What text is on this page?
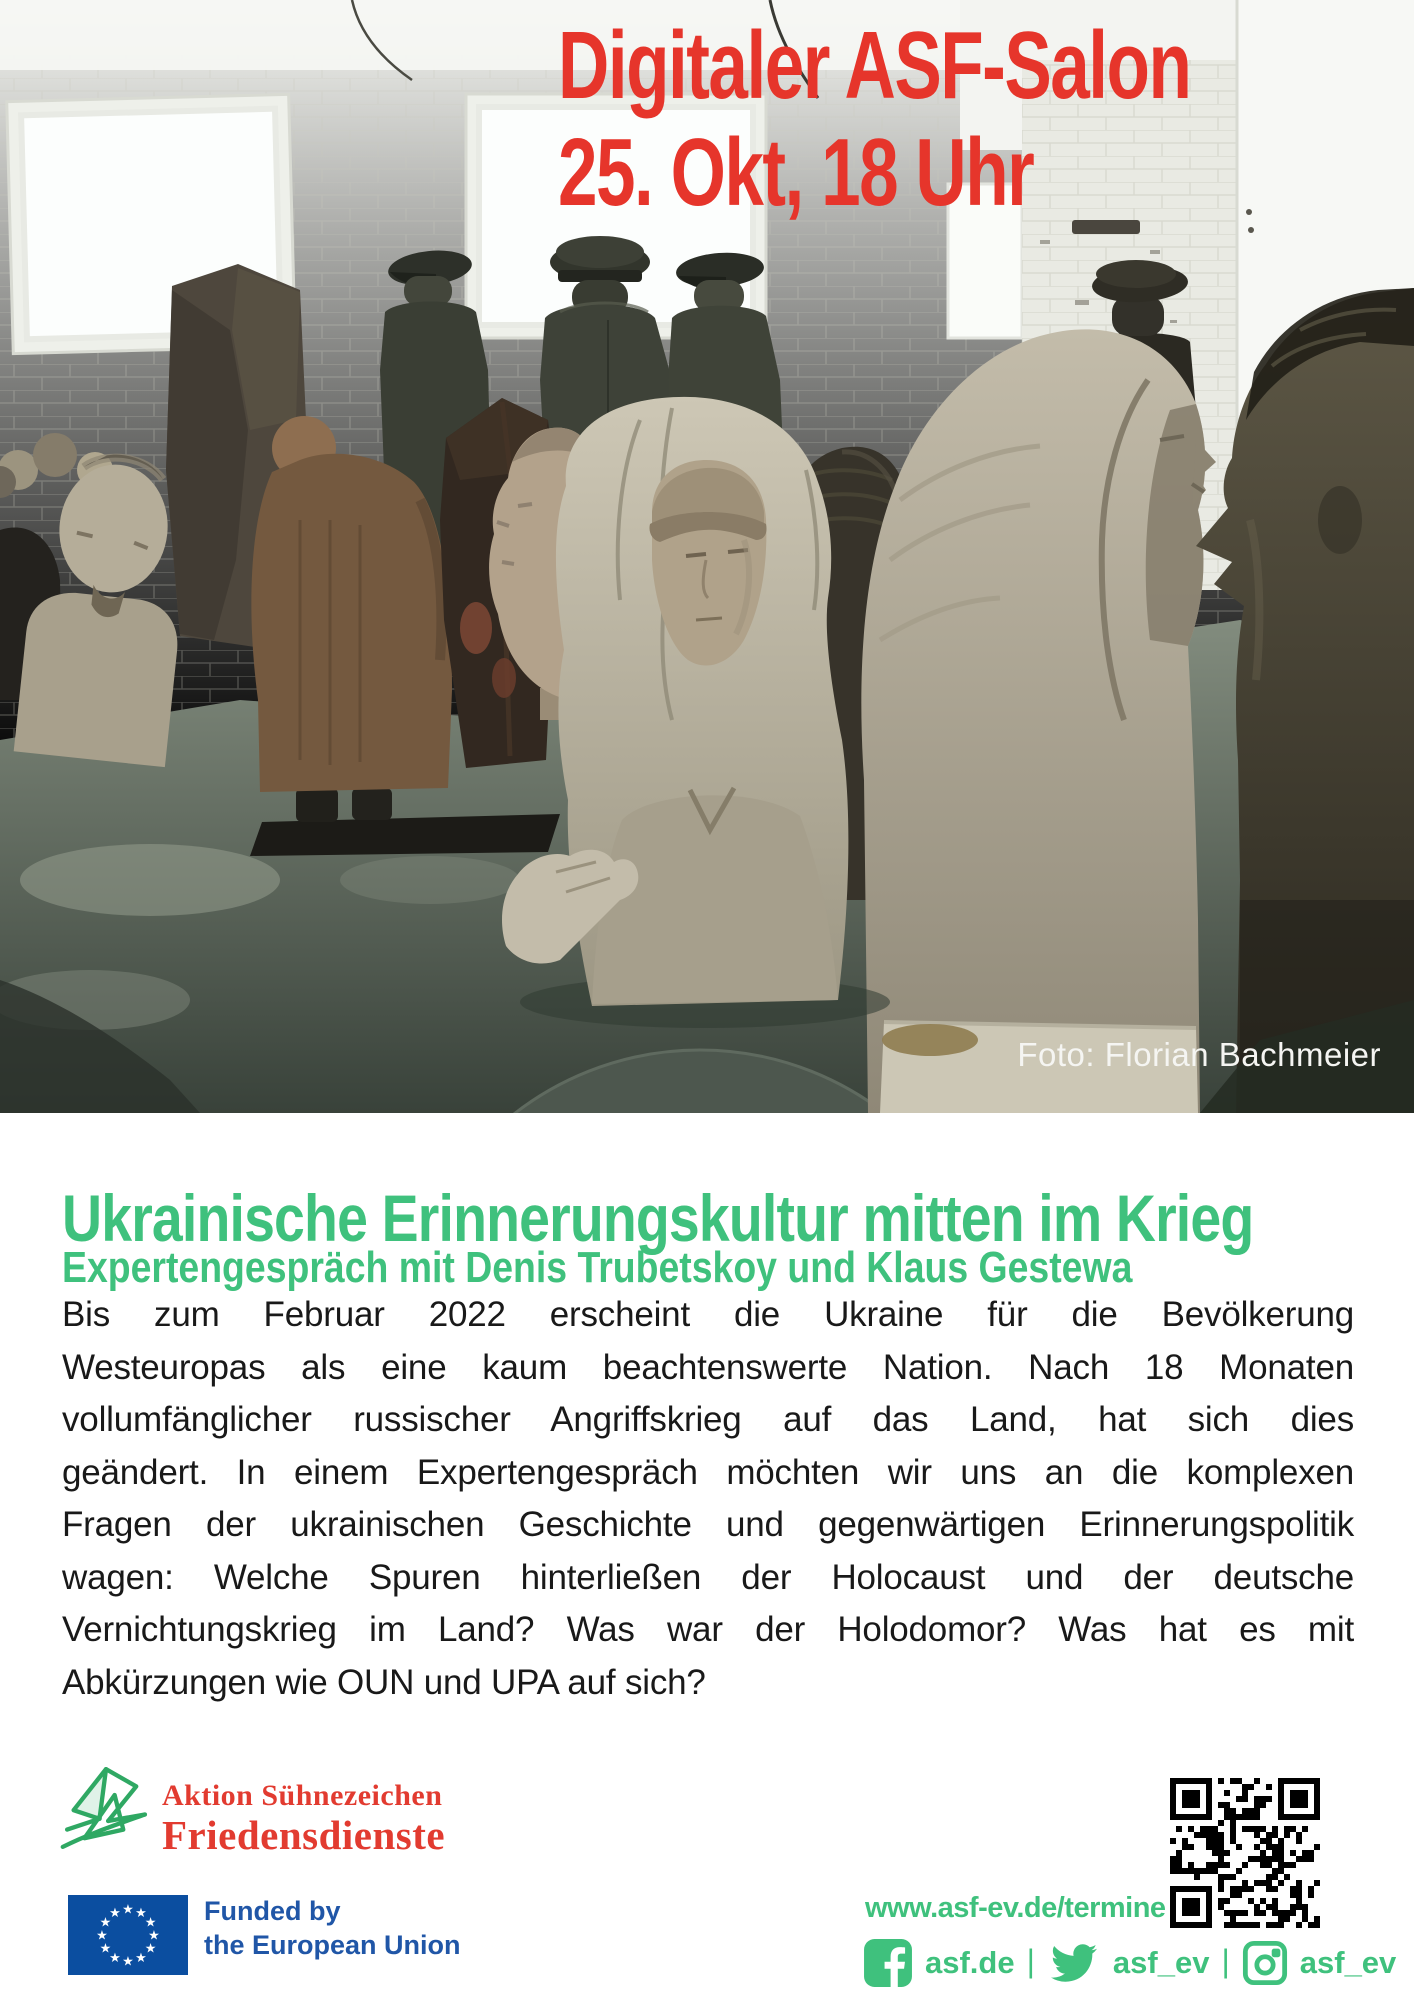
Digitaler ASF-Salon
25. Okt, 18 Uhr
Foto: Florian Bachmeier
Ukrainische Erinnerungskultur mitten im Krieg
Expertengespräch mit Denis Trubetskoy und Klaus Gestewa
Bis zum Februar 2022 erscheint die Ukraine für die Bevölkerung
Westeuropas als eine kaum beachtenswerte Nation. Nach 18 Monaten
vollumfänglicher russischer Angriffskrieg auf das Land, hat sich dies
geändert. In einem Expertengespräch möchten wir uns an die komplexen
Fragen der ukrainischen Geschichte und gegenwärtigen Erinnerungspolitik
wagen: Welche Spuren hinterließen der Holocaust und der deutsche
Vernichtungskrieg im Land? Was war der Holodomor? Was hat es mit
Abkürzungen wie OUN und UPA auf sich?
Aktion Sühnezeichen
Friedensdienste
★ ★
★
★
★
★
★
★
★
★
★
★	Funded by
the European Union
www.asf-ev.de/termine
asf.de |	asf_ev | asf_ev
